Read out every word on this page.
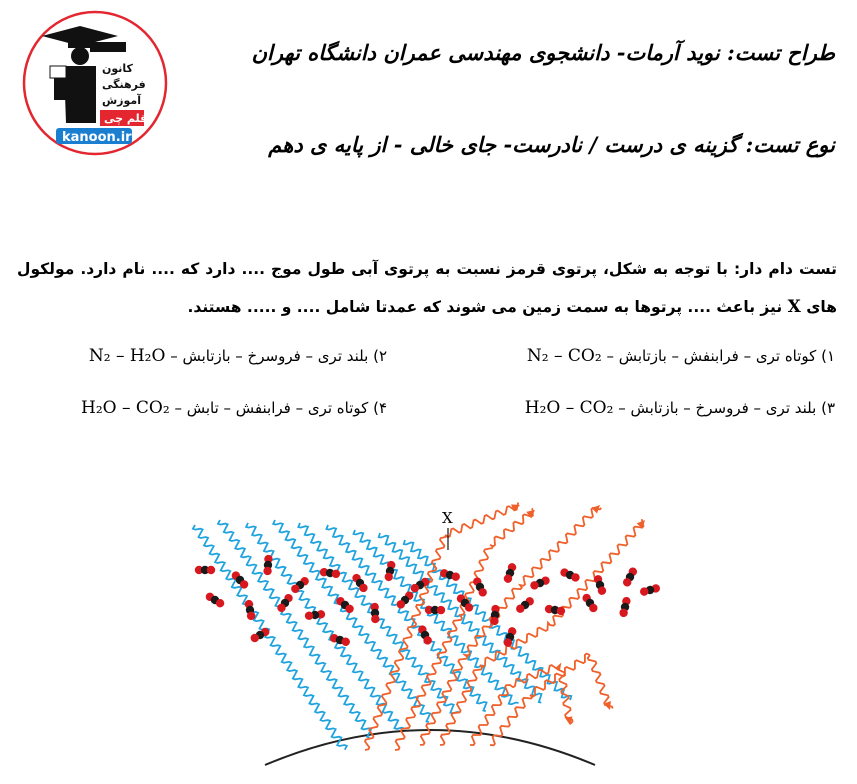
کانون
فرهنگی
آموزش
قلم چی
kanoon.ir
طراح تست: نوید آرمات- دانشجوی مهندسی عمران دانشگاه تهران
نوع تست: گزینه ی درست / نادرست- جای خالی - از پایه ی دهم
تست دام دار: با توجه به شکل، پرتوی قرمز نسبت به پرتوی آبی طول موج .... دارد که .... نام دارد. مولکول های X نیز باعث .... پرتوها به سمت زمین می شوند که عمدتا شامل .... و ..... هستند.
۱) کوتاه تری – فرابنفش – بازتابش – N₂ – CO₂
۲) بلند تری – فروسرخ – بازتابش – N₂ – H₂O
۳) بلند تری – فروسرخ – بازتابش – H₂O – CO₂
۴) کوتاه تری – فرابنفش – تابش – H₂O – CO₂
X
